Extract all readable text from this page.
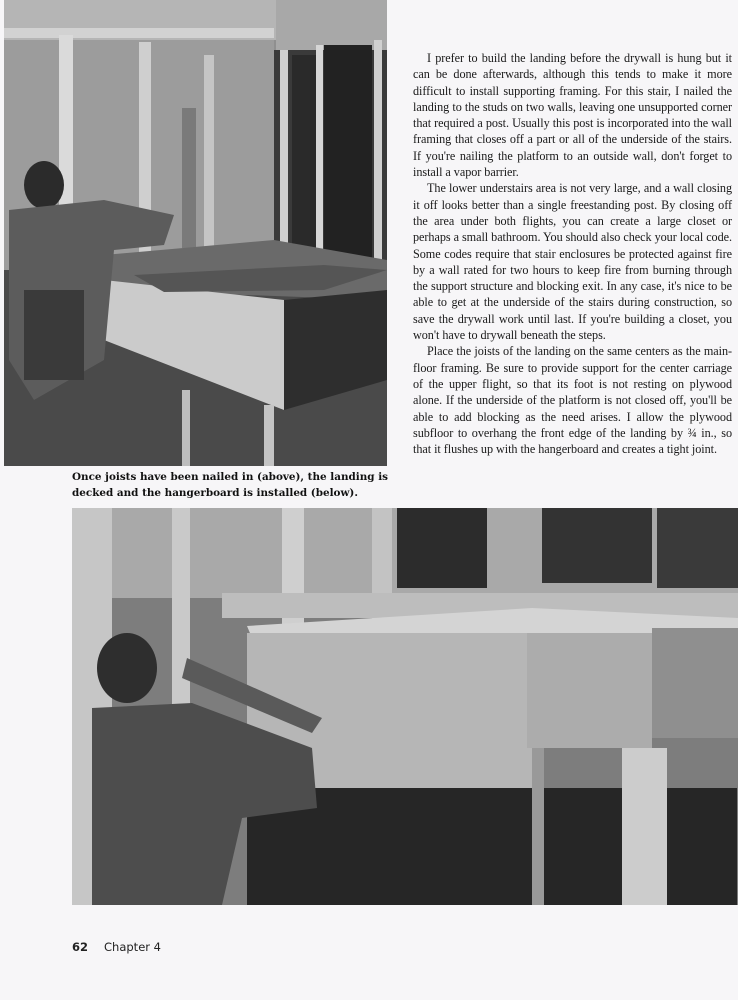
Once joists have been nailed in (above), the landing is decked and the hangerboard is installed (below).

I prefer to build the landing before the drywall is hung but it can be done afterwards, although this tends to make it more difficult to install supporting framing. For this stair, I nailed the landing to the studs on two walls, leaving one unsupported corner that required a post. Usually this post is incorporated into the wall framing that closes off a part or all of the underside of the stairs. If you're nailing the platform to an outside wall, don't forget to install a vapor barrier.

The lower understairs area is not very large, and a wall closing it off looks better than a single freestanding post. By closing off the area under both flights, you can create a large closet or perhaps a small bathroom. You should also check your local code. Some codes require that stair enclosures be protected against fire by a wall rated for two hours to keep fire from burning through the support structure and blocking exit. In any case, it's nice to be able to get at the underside of the stairs during construction, so save the drywall work until last. If you're building a closet, you won't have to drywall beneath the steps.

Place the joists of the landing on the same centers as the main-floor framing. Be sure to provide support for the center carriage of the upper flight, so that its foot is not resting on plywood alone. If the underside of the platform is not closed off, you'll be able to add blocking as the need arises. I allow the plywood subfloor to overhang the front edge of the landing by ¾ in., so that it flushes up with the hangerboard and creates a tight joint.

62 Chapter 4
